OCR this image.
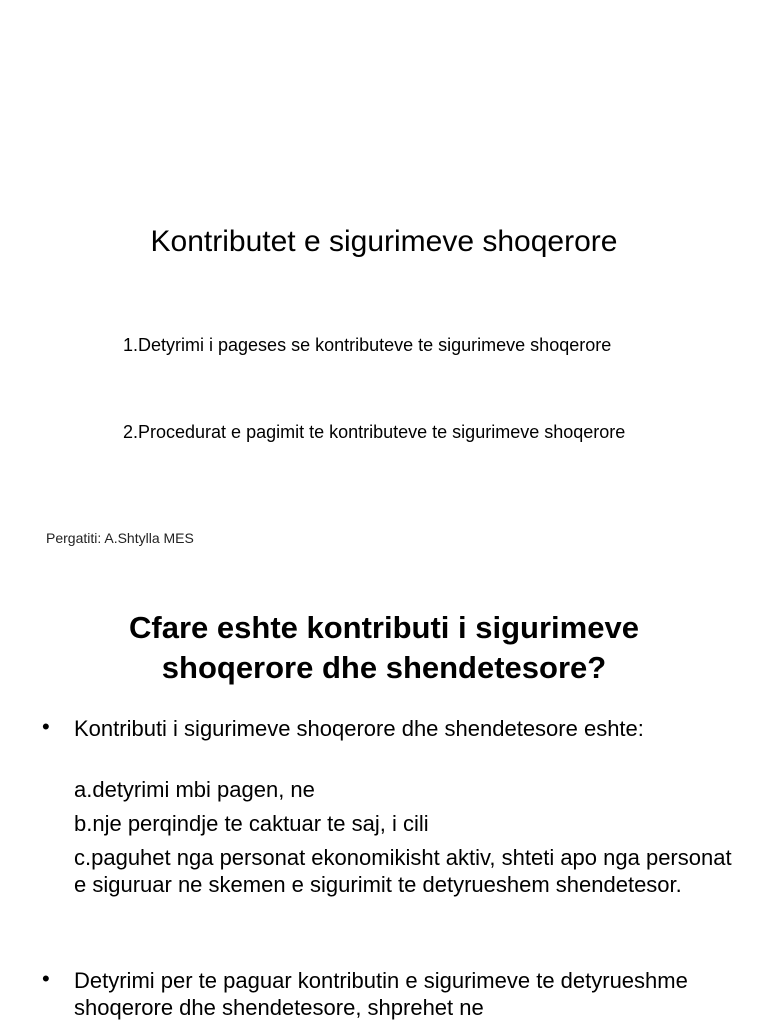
Kontributet e sigurimeve shoqerore
1.Detyrimi i pageses se kontributeve te sigurimeve shoqerore
2.Procedurat e pagimit te kontributeve te sigurimeve shoqerore
Pergatiti: A.Shtylla MES
Cfare eshte kontributi i sigurimeve
shoqerore dhe shendetesore?
• Kontributi i sigurimeve shoqerore dhe shendetesore eshte:
a.detyrimi mbi pagen, ne
b.nje perqindje te caktuar te saj, i cili
c.paguhet nga personat ekonomikisht aktiv, shteti apo nga personat e siguruar ne skemen e sigurimit te detyrueshem shendetesor.
• Detyrimi per te paguar kontributin e sigurimeve te detyrueshme shoqerore dhe shendetesore, shprehet ne
